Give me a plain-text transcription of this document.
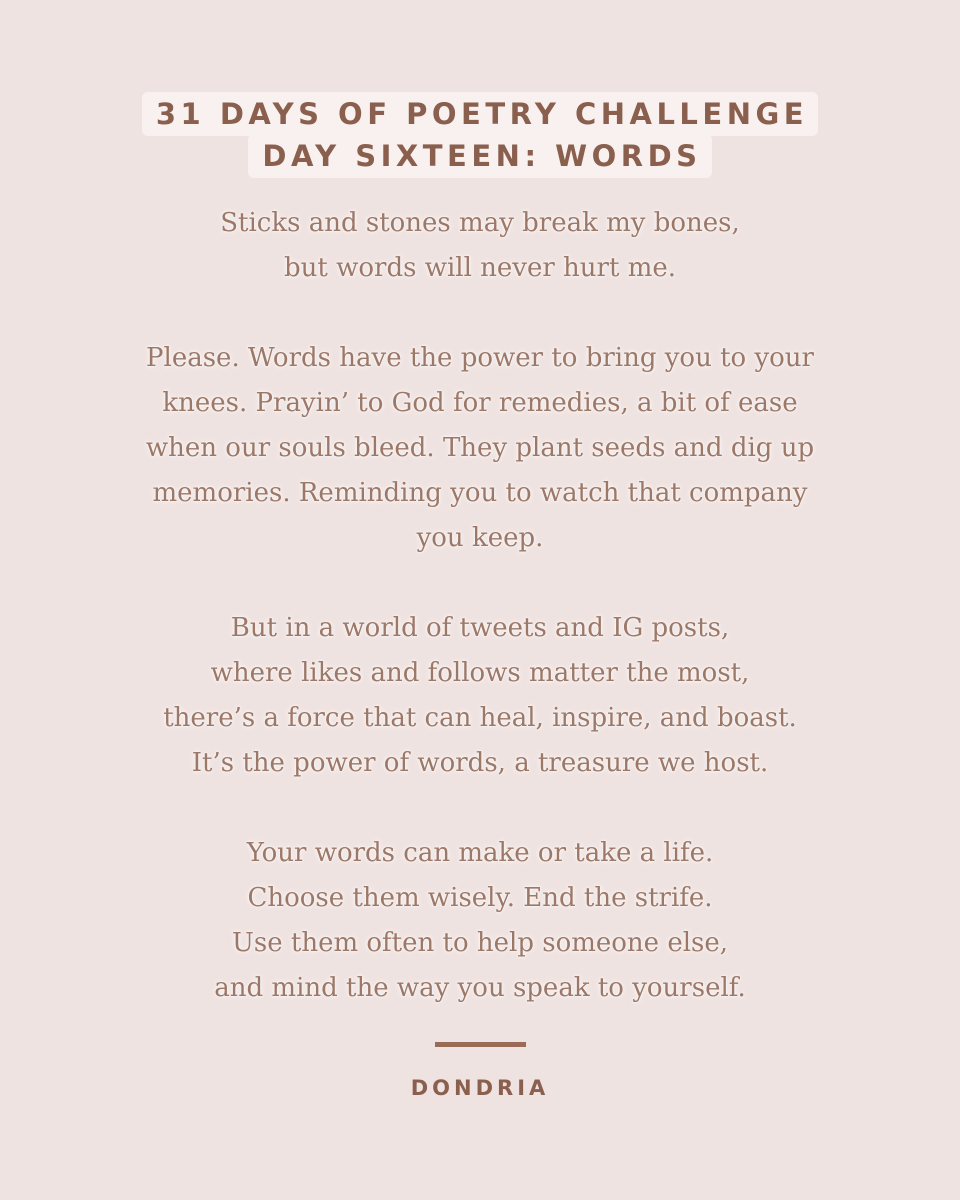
31 DAYS OF POETRY CHALLENGE
DAY SIXTEEN: WORDS
Sticks and stones may break my bones,
but words will never hurt me.
Please. Words have the power to bring you to your
knees. Prayin’ to God for remedies, a bit of ease
when our souls bleed. They plant seeds and dig up
memories. Reminding you to watch that company
you keep.
But in a world of tweets and IG posts,
where likes and follows matter the most,
there’s a force that can heal, inspire, and boast.
It’s the power of words, a treasure we host.
Your words can make or take a life.
Choose them wisely. End the strife.
Use them often to help someone else,
and mind the way you speak to yourself.
DONDRIA
